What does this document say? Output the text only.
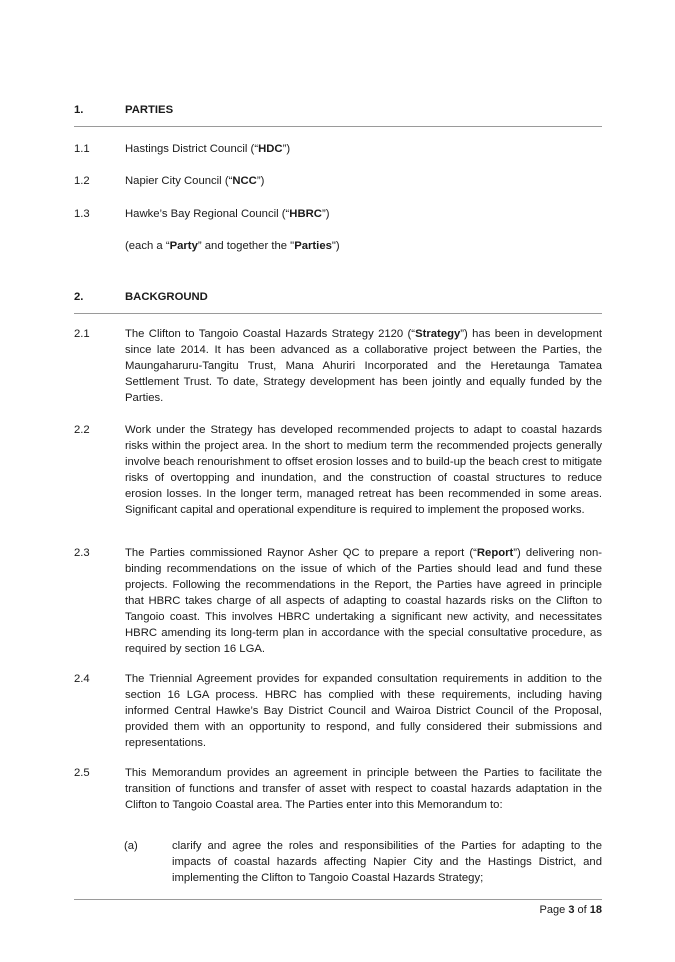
1.	PARTIES
1.1	Hastings District Council (“HDC”)
1.2	Napier City Council (“NCC”)
1.3	Hawke’s Bay Regional Council (“HBRC”)
(each a “Party” and together the "Parties")
2.	BACKGROUND
2.1	The Clifton to Tangoio Coastal Hazards Strategy 2120 (“Strategy”) has been in development since late 2014. It has been advanced as a collaborative project between the Parties, the Maungaharuru-Tangitu Trust, Mana Ahuriri Incorporated and the Heretaunga Tamatea Settlement Trust. To date, Strategy development has been jointly and equally funded by the Parties.
2.2	Work under the Strategy has developed recommended projects to adapt to coastal hazards risks within the project area. In the short to medium term the recommended projects generally involve beach renourishment to offset erosion losses and to build-up the beach crest to mitigate risks of overtopping and inundation, and the construction of coastal structures to reduce erosion losses. In the longer term, managed retreat has been recommended in some areas. Significant capital and operational expenditure is required to implement the proposed works.
2.3	The Parties commissioned Raynor Asher QC to prepare a report (“Report”) delivering non-binding recommendations on the issue of which of the Parties should lead and fund these projects. Following the recommendations in the Report, the Parties have agreed in principle that HBRC takes charge of all aspects of adapting to coastal hazards risks on the Clifton to Tangoio coast. This involves HBRC undertaking a significant new activity, and necessitates HBRC amending its long-term plan in accordance with the special consultative procedure, as required by section 16 LGA.
2.4	The Triennial Agreement provides for expanded consultation requirements in addition to the section 16 LGA process. HBRC has complied with these requirements, including having informed Central Hawke’s Bay District Council and Wairoa District Council of the Proposal, provided them with an opportunity to respond, and fully considered their submissions and representations.
2.5	This Memorandum provides an agreement in principle between the Parties to facilitate the transition of functions and transfer of asset with respect to coastal hazards adaptation in the Clifton to Tangoio Coastal area. The Parties enter into this Memorandum to:
(a)	clarify and agree the roles and responsibilities of the Parties for adapting to the impacts of coastal hazards affecting Napier City and the Hastings District, and implementing the Clifton to Tangoio Coastal Hazards Strategy;
Page 3 of 18
